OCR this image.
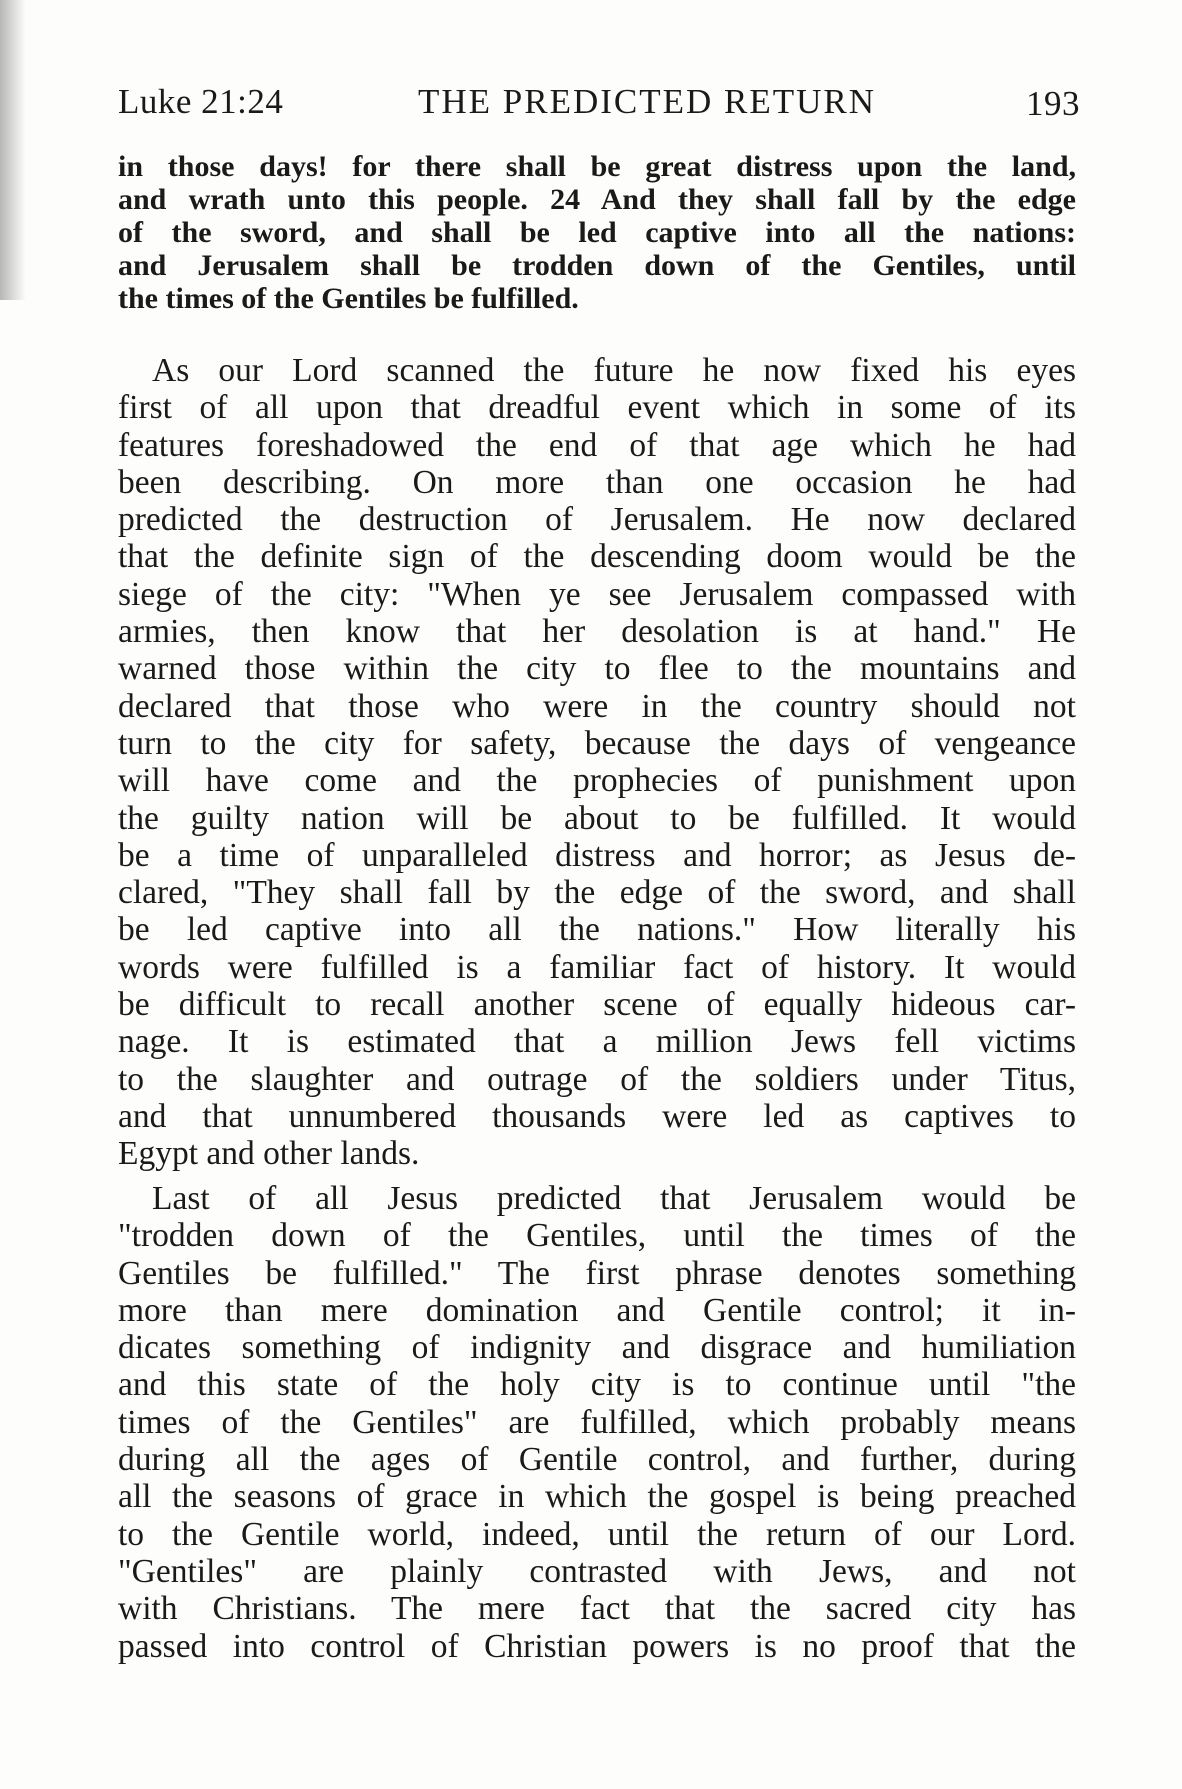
Luke 21:24	THE PREDICTED RETURN	193
in those days! for there shall be great distress upon the land,
and wrath unto this people. 24 And they shall fall by the edge
of the sword, and shall be led captive into all the nations:
and Jerusalem shall be trodden down of the Gentiles, until
the times of the Gentiles be fulfilled.
As our Lord scanned the future he now fixed his eyes
first of all upon that dreadful event which in some of its
features foreshadowed the end of that age which he had
been describing. On more than one occasion he had
predicted the destruction of Jerusalem. He now declared
that the definite sign of the descending doom would be the
siege of the city: "When ye see Jerusalem compassed with
armies, then know that her desolation is at hand." He
warned those within the city to flee to the mountains and
declared that those who were in the country should not
turn to the city for safety, because the days of vengeance
will have come and the prophecies of punishment upon
the guilty nation will be about to be fulfilled. It would
be a time of unparalleled distress and horror; as Jesus de-
clared, "They shall fall by the edge of the sword, and shall
be led captive into all the nations." How literally his
words were fulfilled is a familiar fact of history. It would
be difficult to recall another scene of equally hideous car-
nage. It is estimated that a million Jews fell victims
to the slaughter and outrage of the soldiers under Titus,
and that unnumbered thousands were led as captives to
Egypt and other lands.
Last of all Jesus predicted that Jerusalem would be
"trodden down of the Gentiles, until the times of the
Gentiles be fulfilled." The first phrase denotes something
more than mere domination and Gentile control; it in-
dicates something of indignity and disgrace and humiliation
and this state of the holy city is to continue until "the
times of the Gentiles" are fulfilled, which probably means
during all the ages of Gentile control, and further, during
all the seasons of grace in which the gospel is being preached
to the Gentile world, indeed, until the return of our Lord.
"Gentiles" are plainly contrasted with Jews, and not
with Christians. The mere fact that the sacred city has
passed into control of Christian powers is no proof that the
